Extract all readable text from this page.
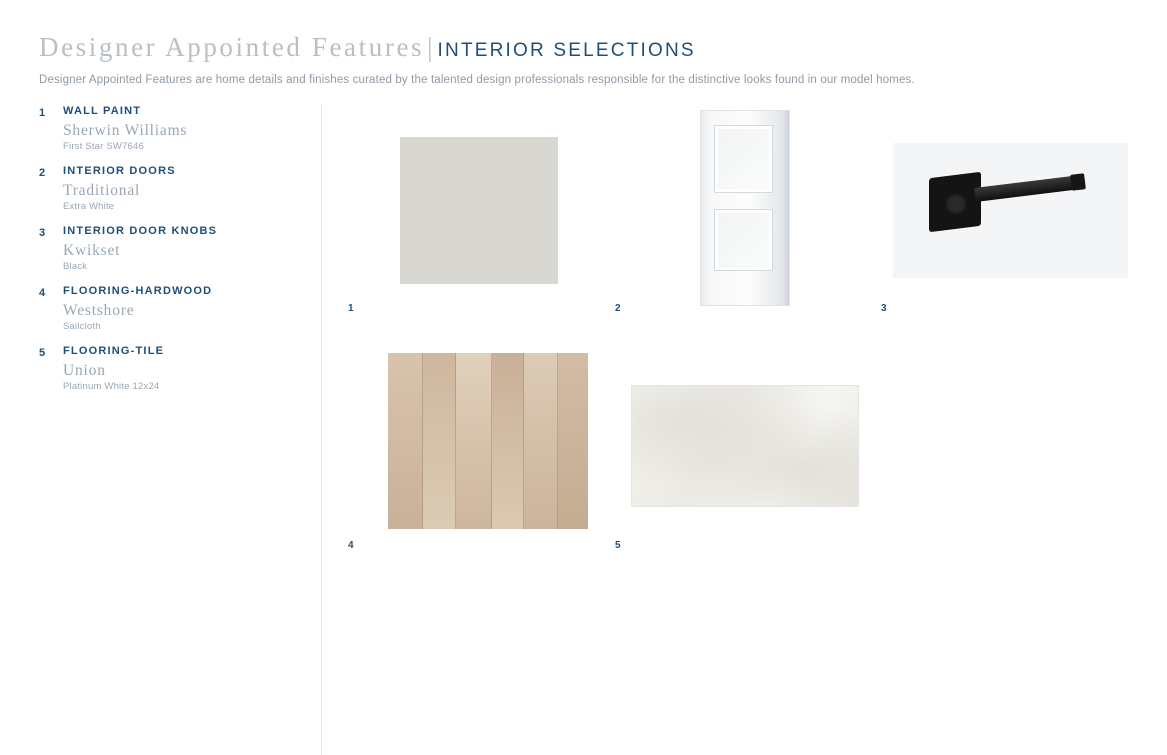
Designer Appointed Features | INTERIOR SELECTIONS
Designer Appointed Features are home details and finishes curated by the talented design professionals responsible for the distinctive looks found in our model homes.
1	WALL PAINT
Sherwin Williams
First Star SW7646
2	INTERIOR DOORS
Traditional
Extra White
3	INTERIOR DOOR KNOBS
Kwikset
Black
4	FLOORING-HARDWOOD
Westshore
Sailcloth
5	FLOORING-TILE
Union
Platinum White 12x24
1	2	3
4	5
